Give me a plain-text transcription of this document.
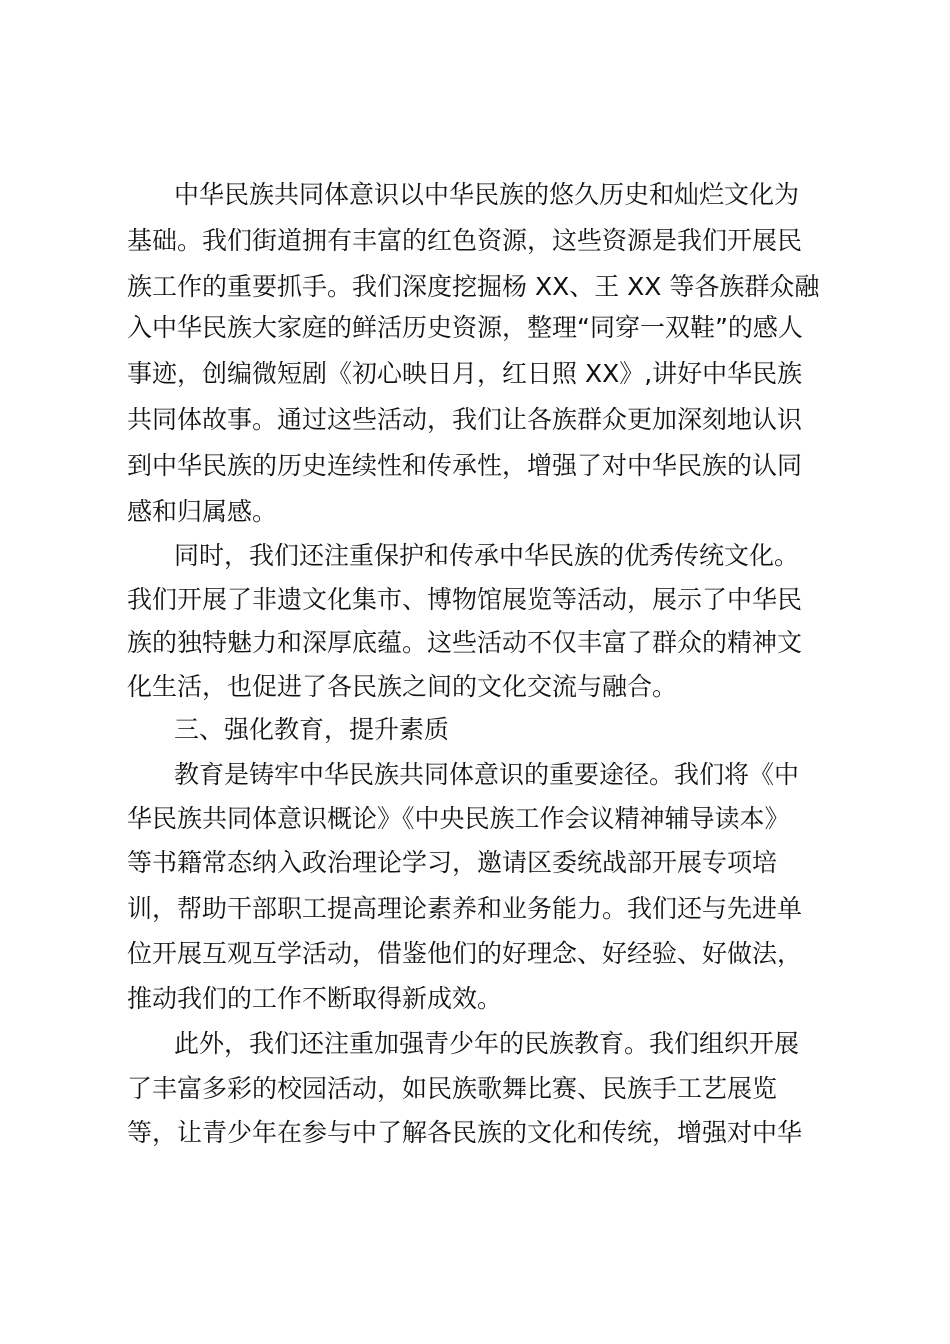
中华民族共同体意识以中华民族的悠久历史和灿烂文化为
基础。我们街道拥有丰富的红色资源，这些资源是我们开展民
族工作的重要抓手。我们深度挖掘杨 XX、王 XX 等各族群众融
入中华民族大家庭的鲜活历史资源，整理“同穿一双鞋”的感人
事迹，创编微短剧《初心映日月，红日照 XX》,讲好中华民族
共同体故事。通过这些活动，我们让各族群众更加深刻地认识
到中华民族的历史连续性和传承性，增强了对中华民族的认同
感和归属感。
同时，我们还注重保护和传承中华民族的优秀传统文化。
我们开展了非遗文化集市、博物馆展览等活动，展示了中华民
族的独特魅力和深厚底蕴。这些活动不仅丰富了群众的精神文
化生活，也促进了各民族之间的文化交流与融合。
三、强化教育，提升素质
教育是铸牢中华民族共同体意识的重要途径。我们将《中
华民族共同体意识概论》《中央民族工作会议精神辅导读本》
等书籍常态纳入政治理论学习，邀请区委统战部开展专项培
训，帮助干部职工提高理论素养和业务能力。我们还与先进单
位开展互观互学活动，借鉴他们的好理念、好经验、好做法，
推动我们的工作不断取得新成效。
此外，我们还注重加强青少年的民族教育。我们组织开展
了丰富多彩的校园活动，如民族歌舞比赛、民族手工艺展览
等，让青少年在参与中了解各民族的文化和传统，增强对中华
